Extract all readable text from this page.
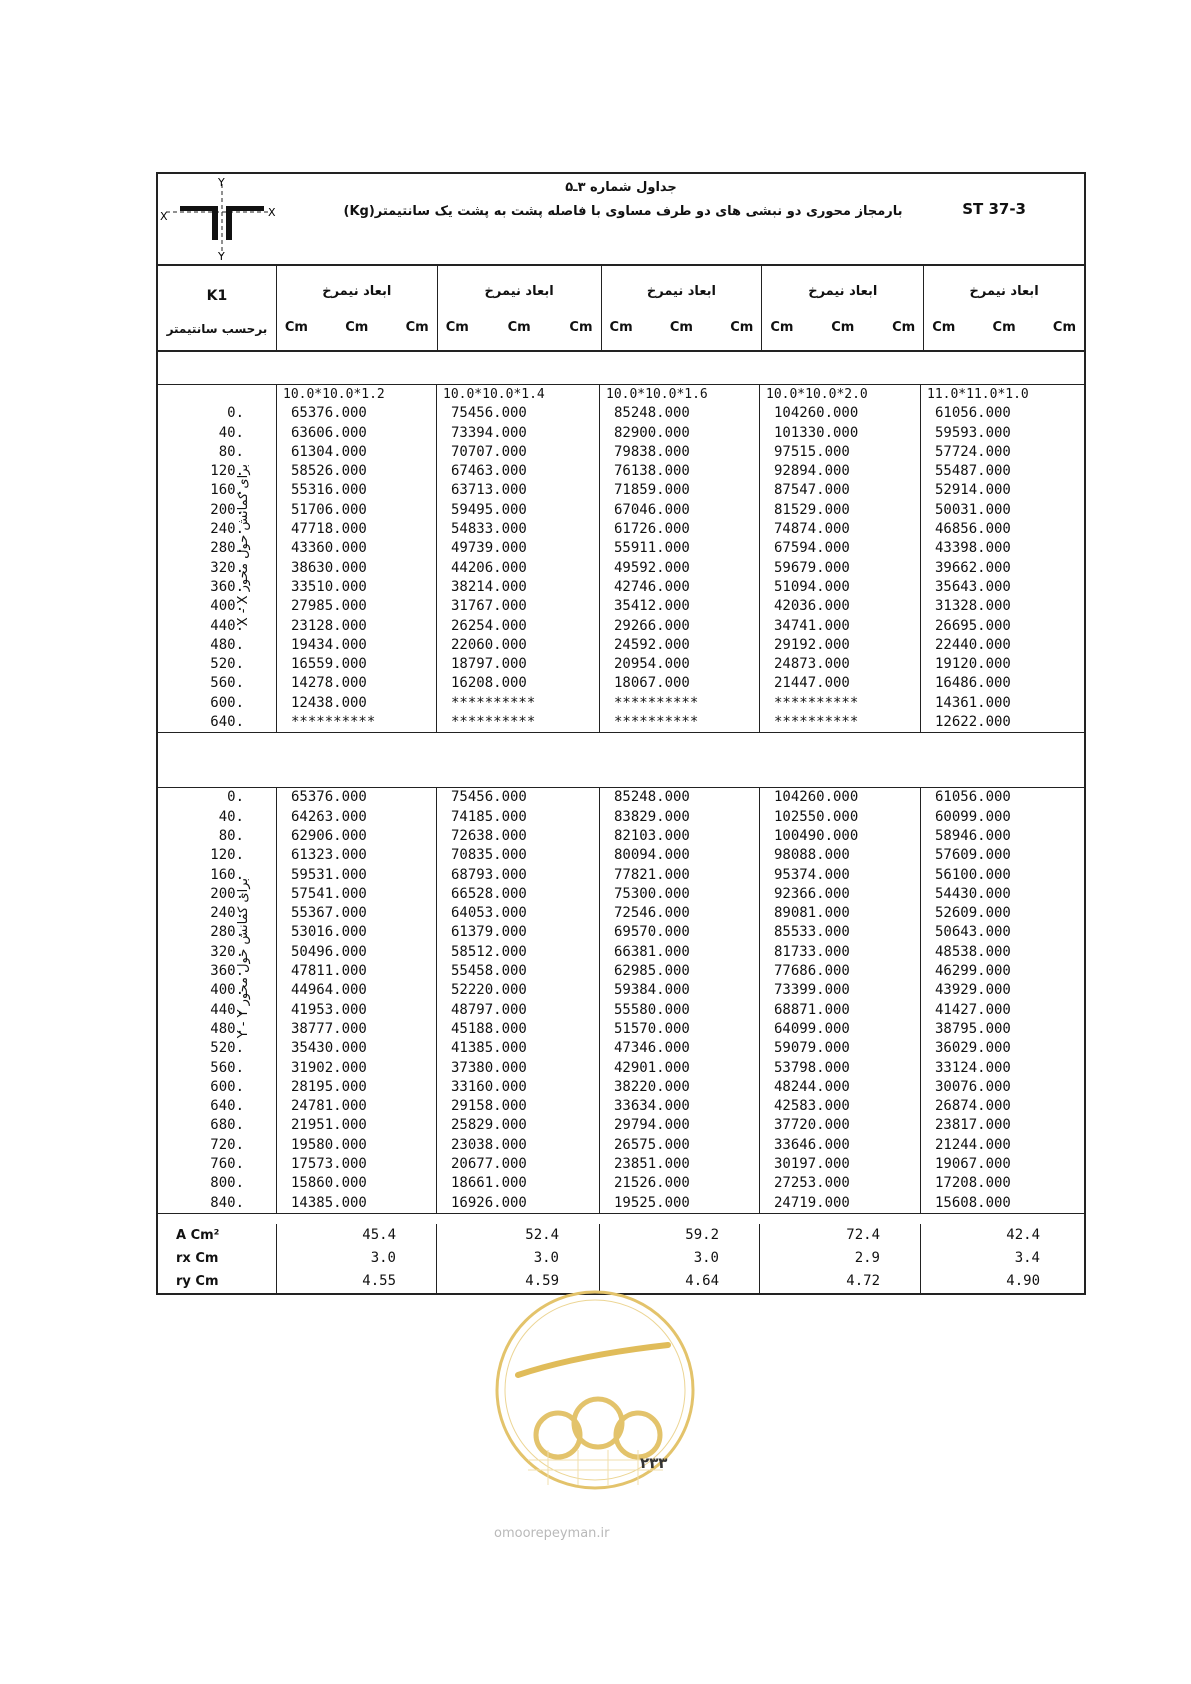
Y
Y
X	X
جداول شماره ۳ـ۵
بارمجاز محوری دو نبشی های دو طرف مساوی با فاصله پشت به پشت یک سانتیمتر(Kg)	ST 37-3
K1
برحسب سانتیمتر
ابعاد نیمرخ
Cm	Cm	Cm
ابعاد نیمرخ
Cm	Cm	Cm
ابعاد نیمرخ
Cm	Cm	Cm
ابعاد نیمرخ
Cm	Cm	Cm
ابعاد نیمرخ
Cm	Cm	Cm
10.0*10.0*1.2	10.0*10.0*1.4	10.0*10.0*1.6	10.0*10.0*2.0	11.0*11.0*1.0
X - X برای کمانش حول محور
0.	65376.000	75456.000	85248.000	104260.000	61056.000
40.	63606.000	73394.000	82900.000	101330.000	59593.000
80.	61304.000	70707.000	79838.000	97515.000	57724.000
120.	58526.000	67463.000	76138.000	92894.000	55487.000
160.	55316.000	63713.000	71859.000	87547.000	52914.000
200.	51706.000	59495.000	67046.000	81529.000	50031.000
240.	47718.000	54833.000	61726.000	74874.000	46856.000
280.	43360.000	49739.000	55911.000	67594.000	43398.000
320.	38630.000	44206.000	49592.000	59679.000	39662.000
360.	33510.000	38214.000	42746.000	51094.000	35643.000
400.	27985.000	31767.000	35412.000	42036.000	31328.000
440.	23128.000	26254.000	29266.000	34741.000	26695.000
480.	19434.000	22060.000	24592.000	29192.000	22440.000
520.	16559.000	18797.000	20954.000	24873.000	19120.000
560.	14278.000	16208.000	18067.000	21447.000	16486.000
600.	12438.000	**********	**********	**********	14361.000
640.	**********	**********	**********	**********	12622.000
Y - Y برای کمانش حول محور
0.	65376.000	75456.000	85248.000	104260.000	61056.000
40.	64263.000	74185.000	83829.000	102550.000	60099.000
80.	62906.000	72638.000	82103.000	100490.000	58946.000
120.	61323.000	70835.000	80094.000	98088.000	57609.000
160.	59531.000	68793.000	77821.000	95374.000	56100.000
200.	57541.000	66528.000	75300.000	92366.000	54430.000
240.	55367.000	64053.000	72546.000	89081.000	52609.000
280.	53016.000	61379.000	69570.000	85533.000	50643.000
320.	50496.000	58512.000	66381.000	81733.000	48538.000
360.	47811.000	55458.000	62985.000	77686.000	46299.000
400.	44964.000	52220.000	59384.000	73399.000	43929.000
440.	41953.000	48797.000	55580.000	68871.000	41427.000
480.	38777.000	45188.000	51570.000	64099.000	38795.000
520.	35430.000	41385.000	47346.000	59079.000	36029.000
560.	31902.000	37380.000	42901.000	53798.000	33124.000
600.	28195.000	33160.000	38220.000	48244.000	30076.000
640.	24781.000	29158.000	33634.000	42583.000	26874.000
680.	21951.000	25829.000	29794.000	37720.000	23817.000
720.	19580.000	23038.000	26575.000	33646.000	21244.000
760.	17573.000	20677.000	23851.000	30197.000	19067.000
800.	15860.000	18661.000	21526.000	27253.000	17208.000
840.	14385.000	16926.000	19525.000	24719.000	15608.000
A Cm²	45.4	52.4	59.2	72.4	42.4
rx Cm	3.0	3.0	3.0	2.9	3.4
ry Cm	4.55	4.59	4.64	4.72	4.90
۲۳۳
omoorepeyman.ir
